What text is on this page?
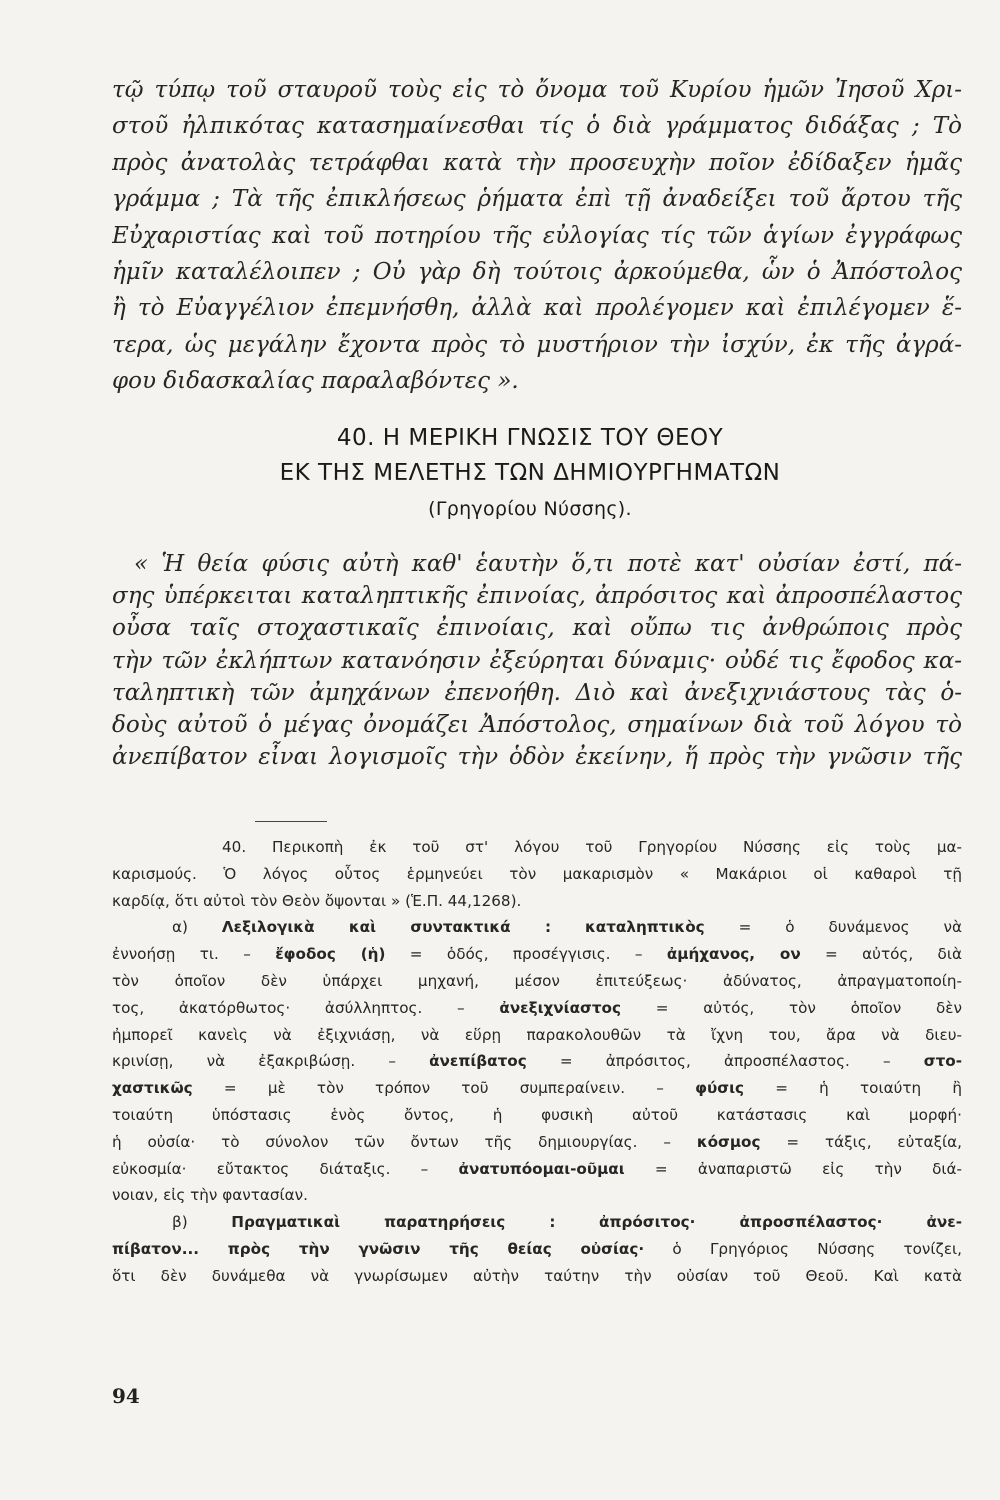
τῷ τύπῳ τοῦ σταυροῦ τοὺς εἰς τὸ ὄνομα τοῦ Κυρίου ἡμῶν Ἰησοῦ Χρι-
στοῦ ἠλπικότας κατασημαίνεσθαι τίς ὁ διὰ γράμματος διδάξας ; Τὸ
πρὸς ἀνατολὰς τετράφθαι κατὰ τὴν προσευχὴν ποῖον ἐδίδαξεν ἡμᾶς
γράμμα ; Τὰ τῆς ἐπικλήσεως ῥήματα ἐπὶ τῇ ἀναδείξει τοῦ ἄρτου τῆς
Εὐχαριστίας καὶ τοῦ ποτηρίου τῆς εὐλογίας τίς τῶν ἁγίων ἐγγράφως
ἡμῖν καταλέλοιπεν ; Οὐ γὰρ δὴ τούτοις ἀρκούμεθα, ὧν ὁ Ἀπόστολος
ἢ τὸ Εὐαγγέλιον ἐπεμνήσθη, ἀλλὰ καὶ προλέγομεν καὶ ἐπιλέγομεν ἕ-
τερα, ὡς μεγάλην ἔχοντα πρὸς τὸ μυστήριον τὴν ἰσχύν, ἐκ τῆς ἀγρά-
φου διδασκαλίας παραλαβόντες ».
40. Η ΜΕΡΙΚΗ ΓΝΩΣΙΣ ΤΟΥ ΘΕΟΥ
ΕΚ ΤΗΣ ΜΕΛΕΤΗΣ ΤΩΝ ΔΗΜΙΟΥΡΓΗΜΑΤΩΝ
(Γρηγορίου Νύσσης).
« Ἡ θεία φύσις αὐτὴ καθ' ἑαυτὴν ὅ,τι ποτὲ κατ' οὐσίαν ἐστί, πά-
σης ὑπέρκειται καταληπτικῆς ἐπινοίας, ἀπρόσιτος καὶ ἀπροσπέλαστος
οὖσα ταῖς στοχαστικαῖς ἐπινοίαις, καὶ οὔπω τις ἀνθρώποις πρὸς
τὴν τῶν ἐκλήπτων κατανόησιν ἐξεύρηται δύναμις· οὐδέ τις ἔφοδος κα-
ταληπτικὴ τῶν ἀμηχάνων ἐπενοήθη. Διὸ καὶ ἀνεξιχνιάστους τὰς ὁ-
δοὺς αὐτοῦ ὁ μέγας ὀνομάζει Ἀπόστολος, σημαίνων διὰ τοῦ λόγου τὸ
ἀνεπίβατον εἶναι λογισμοῖς τὴν ὁδὸν ἐκείνην, ἥ πρὸς τὴν γνῶσιν τῆς
40. Περικοπὴ ἐκ τοῦ στ' λόγου τοῦ Γρηγορίου Νύσσης εἰς τοὺς μα-
καρισμούς. Ὁ λόγος οὗτος ἑρμηνεύει τὸν μακαρισμὸν « Μακάριοι οἱ καθαροὶ τῇ
καρδίᾳ, ὅτι αὐτοὶ τὸν Θεὸν ὄψονται » (Ἑ.Π. 44,1268).
α) Λεξιλογικὰ καὶ συντακτικά : καταληπτικὸς = ὁ δυνάμενος νὰ
ἐννοήσῃ τι. – ἔφοδος (ἡ) = ὁδός, προσέγγισις. – ἀμήχανος, ον = αὐτός, διὰ
τὸν ὁποῖον δὲν ὑπάρχει μηχανή, μέσον ἐπιτεύξεως· ἀδύνατος, ἀπραγματοποίη-
τος, ἀκατόρθωτος· ἀσύλληπτος. – ἀνεξιχνίαστος = αὐτός, τὸν ὁποῖον δὲν
ἠμπορεῖ κανεὶς νὰ ἐξιχνιάσῃ, νὰ εὕρῃ παρακολουθῶν τὰ ἴχνη του, ἄρα νὰ διευ-
κρινίσῃ, νὰ ἐξακριβώσῃ. – ἀνεπίβατος = ἀπρόσιτος, ἀπροσπέλαστος. – στο-
χαστικῶς = μὲ τὸν τρόπον τοῦ συμπεραίνειν. – φύσις = ἡ τοιαύτη ἢ
τοιαύτη ὑπόστασις ἑνὸς ὄντος, ἡ φυσικὴ αὐτοῦ κατάστασις καὶ μορφή·
ἡ οὐσία· τὸ σύνολον τῶν ὄντων τῆς δημιουργίας. – κόσμος = τάξις, εὐταξία,
εὐκοσμία· εὔτακτος διάταξις. – ἀνατυπόομαι-οῦμαι = ἀναπαριστῶ εἰς τὴν διά-
νοιαν, εἰς τὴν φαντασίαν.
β)	Πραγματικαὶ παρατηρήσεις :	ἀπρόσιτος· ἀπροσπέλαστος· ἀνε-
πίβατον... πρὸς τὴν γνῶσιν τῆς θείας οὐσίας· ὁ Γρηγόριος Νύσσης τονίζει,
ὅτι δὲν δυνάμεθα νὰ γνωρίσωμεν αὐτὴν ταύτην τὴν οὐσίαν τοῦ Θεοῦ. Καὶ κατὰ
94
